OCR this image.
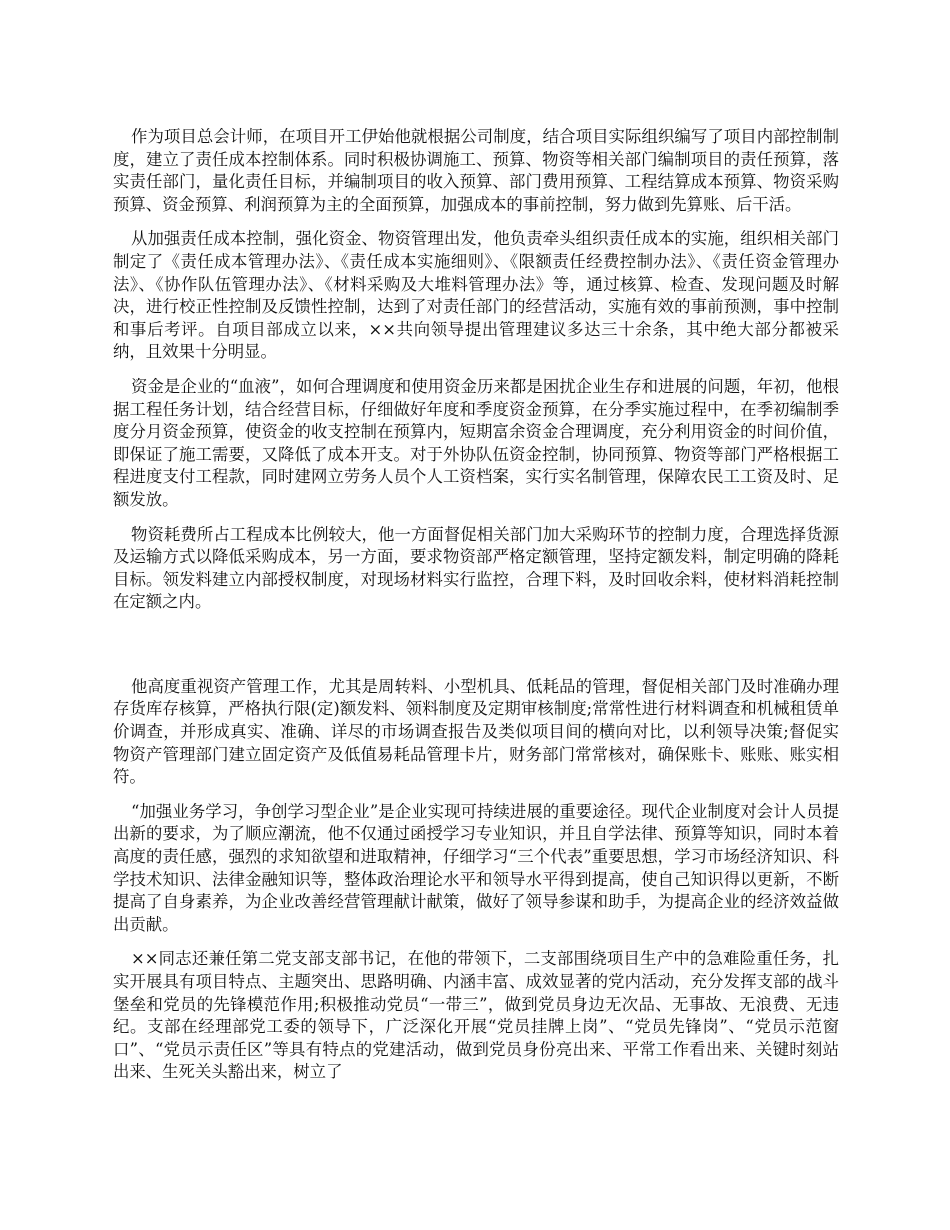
作为项目总会计师，在项目开工伊始他就根据公司制度，结合项目实际组织编写了项目内部控制制度，建立了责任成本控制体系。同时积极协调施工、预算、物资等相关部门编制项目的责任预算，落实责任部门，量化责任目标，并编制项目的收入预算、部门费用预算、工程结算成本预算、物资采购预算、资金预算、利润预算为主的全面预算，加强成本的事前控制，努力做到先算账、后干活。

从加强责任成本控制，强化资金、物资管理出发，他负责牵头组织责任成本的实施，组织相关部门制定了《责任成本管理办法》、《责任成本实施细则》、《限额责任经费控制办法》、《责任资金管理办法》、《协作队伍管理办法》、《材料采购及大堆料管理办法》等，通过核算、检查、发现问题及时解决，进行校正性控制及反馈性控制，达到了对责任部门的经营活动，实施有效的事前预测，事中控制和事后考评。自项目部成立以来，××共向领导提出管理建议多达三十余条，其中绝大部分都被采纳，且效果十分明显。

资金是企业的“血液”，如何合理调度和使用资金历来都是困扰企业生存和进展的问题，年初，他根据工程任务计划，结合经营目标，仔细做好年度和季度资金预算，在分季实施过程中，在季初编制季度分月资金预算，使资金的收支控制在预算内，短期富余资金合理调度，充分利用资金的时间价值，即保证了施工需要，又降低了成本开支。对于外协队伍资金控制，协同预算、物资等部门严格根据工程进度支付工程款，同时建网立劳务人员个人工资档案，实行实名制管理，保障农民工工资及时、足额发放。

物资耗费所占工程成本比例较大，他一方面督促相关部门加大采购环节的控制力度，合理选择货源及运输方式以降低采购成本，另一方面，要求物资部严格定额管理，坚持定额发料，制定明确的降耗目标。领发料建立内部授权制度，对现场材料实行监控，合理下料，及时回收余料，使材料消耗控制在定额之内。

他高度重视资产管理工作，尤其是周转料、小型机具、低耗品的管理，督促相关部门及时准确办理存货库存核算，严格执行限(定)额发料、领料制度及定期审核制度;常常性进行材料调查和机械租赁单价调查，并形成真实、准确、详尽的市场调查报告及类似项目间的横向对比，以利领导决策;督促实物资产管理部门建立固定资产及低值易耗品管理卡片，财务部门常常核对，确保账卡、账账、账实相符。

“加强业务学习，争创学习型企业”是企业实现可持续进展的重要途径。现代企业制度对会计人员提出新的要求，为了顺应潮流，他不仅通过函授学习专业知识，并且自学法律、预算等知识，同时本着高度的责任感，强烈的求知欲望和进取精神，仔细学习“三个代表”重要思想，学习市场经济知识、科学技术知识、法律金融知识等，整体政治理论水平和领导水平得到提高，使自己知识得以更新，不断提高了自身素养，为企业改善经营管理献计献策，做好了领导参谋和助手，为提高企业的经济效益做出贡献。

××同志还兼任第二党支部支部书记，在他的带领下，二支部围绕项目生产中的急难险重任务，扎实开展具有项目特点、主题突出、思路明确、内涵丰富、成效显著的党内活动，充分发挥支部的战斗堡垒和党员的先锋模范作用;积极推动党员“一带三”，做到党员身边无次品、无事故、无浪费、无违纪。支部在经理部党工委的领导下，广泛深化开展“党员挂牌上岗”、“党员先锋岗”、“党员示范窗口”、“党员示责任区”等具有特点的党建活动，做到党员身份亮出来、平常工作看出来、关键时刻站出来、生死关头豁出来，树立了
